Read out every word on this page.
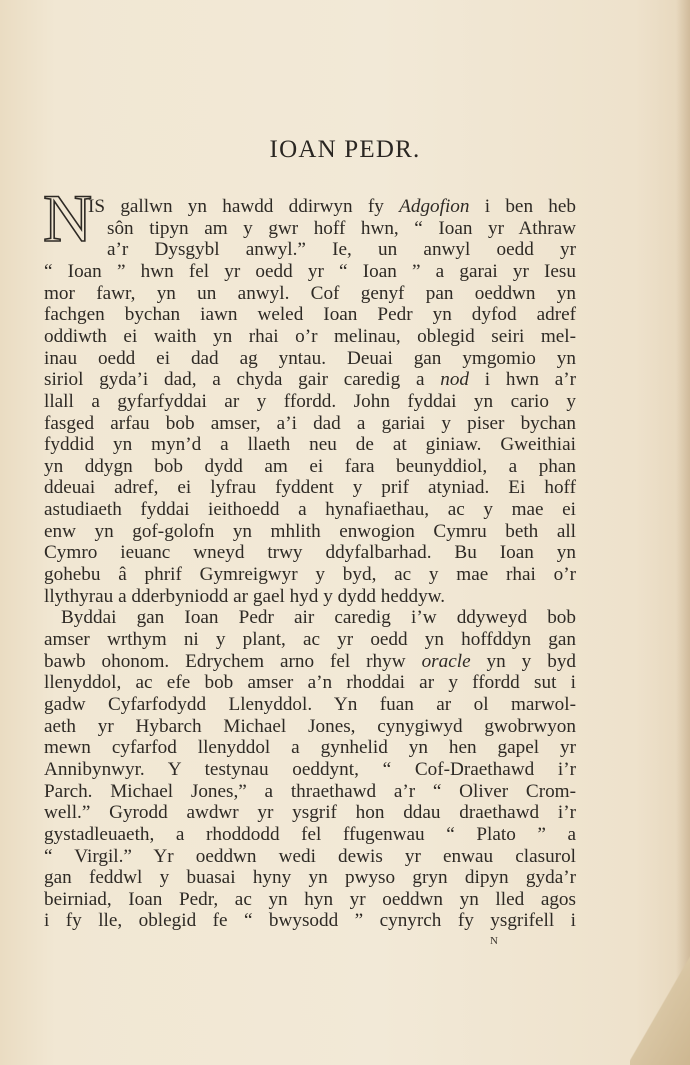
IOAN PEDR.
N
IS gallwn yn hawdd ddirwyn fy Adgofion i ben heb
sôn tipyn am y gwr hoff hwn, “ Ioan yr Athraw
a’r Dysgybl anwyl.” Ie, un anwyl oedd yr
“ Ioan ” hwn fel yr oedd yr “ Ioan ” a garai yr Iesu
mor fawr, yn un anwyl. Cof genyf pan oeddwn yn
fachgen bychan iawn weled Ioan Pedr yn dyfod adref
oddiwth ei waith yn rhai o’r melinau, oblegid seiri mel-
inau oedd ei dad ag yntau. Deuai gan ymgomio yn
siriol gyda’i dad, a chyda gair caredig a nod i hwn a’r
llall a gyfarfyddai ar y ffordd. John fyddai yn cario y
fasged arfau bob amser, a’i dad a gariai y piser bychan
fyddid yn myn’d a llaeth neu de at giniaw. Gweithiai
yn ddygn bob dydd am ei fara beunyddiol, a phan
ddeuai adref, ei lyfrau fyddent y prif atyniad. Ei hoff
astudiaeth fyddai ieithoedd a hynafiaethau, ac y mae ei
enw yn gof-golofn yn mhlith enwogion Cymru beth all
Cymro ieuanc wneyd trwy ddyfalbarhad. Bu Ioan yn
gohebu â phrif Gymreigwyr y byd, ac y mae rhai o’r
llythyrau a dderbyniodd ar gael hyd y dydd heddyw.
Byddai gan Ioan Pedr air caredig i’w ddyweyd bob
amser wrthym ni y plant, ac yr oedd yn hoffddyn gan
bawb ohonom. Edrychem arno fel rhyw oracle yn y byd
llenyddol, ac efe bob amser a’n rhoddai ar y ffordd sut i
gadw Cyfarfodydd Llenyddol. Yn fuan ar ol marwol-
aeth yr Hybarch Michael Jones, cynygiwyd gwobrwyon
mewn cyfarfod llenyddol a gynhelid yn hen gapel yr
Annibynwyr. Y testynau oeddynt, “ Cof-Draethawd i’r
Parch. Michael Jones,” a thraethawd a’r “ Oliver Crom-
well.” Gyrodd awdwr yr ysgrif hon ddau draethawd i’r
gystadleuaeth, a rhoddodd fel ffugenwau “ Plato ” a
“ Virgil.” Yr oeddwn wedi dewis yr enwau clasurol
gan feddwl y buasai hyny yn pwyso gryn dipyn gyda’r
beirniad, Ioan Pedr, ac yn hyn yr oeddwn yn lled agos
i fy lle, oblegid fe “ bwysodd ” cynyrch fy ysgrifell i
N
